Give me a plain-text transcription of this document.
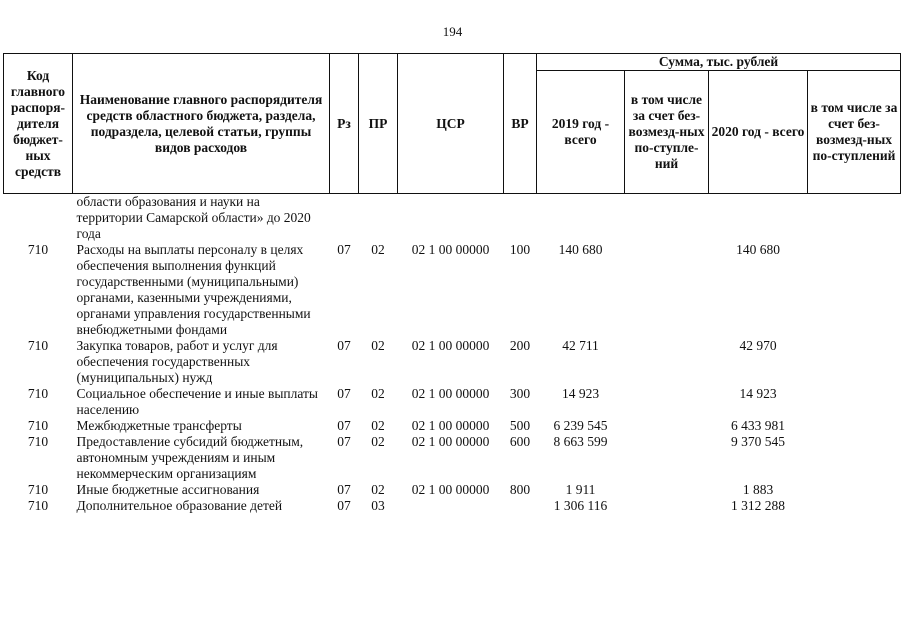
194
Код главного распоря-дителя бюджет-ных средств	Наименование главного распорядителя средств областного бюджета, раздела, подраздела, целевой статьи, группы видов расходов	Рз	ПР	ЦСР	ВР	Сумма, тыс. рублей			
						2019 год - всего	в том числе за счет без-возмезд-ных по-ступле-ний	2020 год - всего	в том числе за счет без-возмезд-ных по-ступлений
	области образования и науки на территории Самарской области» до 2020 года								
710	Расходы на выплаты персоналу в целях обеспечения выполнения функций государственными (муниципальными) органами, казенными учреждениями, органами управления государственными внебюджетными фондами	07	02	02 1 00 00000	100	140 680		140 680	
710	Закупка товаров, работ и услуг для обеспечения государственных (муниципальных) нужд	07	02	02 1 00 00000	200	42 711		42 970	
710	Социальное обеспечение и иные выплаты населению	07	02	02 1 00 00000	300	14 923		14 923	
710	Межбюджетные трансферты	07	02	02 1 00 00000	500	6 239 545		6 433 981	
710	Предоставление субсидий бюджетным, автономным учреждениям и иным некоммерческим организациям	07	02	02 1 00 00000	600	8 663 599		9 370 545	
710	Иные бюджетные ассигнования	07	02	02 1 00 00000	800	1 911		1 883	
710	Дополнительное образование детей	07	03			1 306 116		1 312 288	
